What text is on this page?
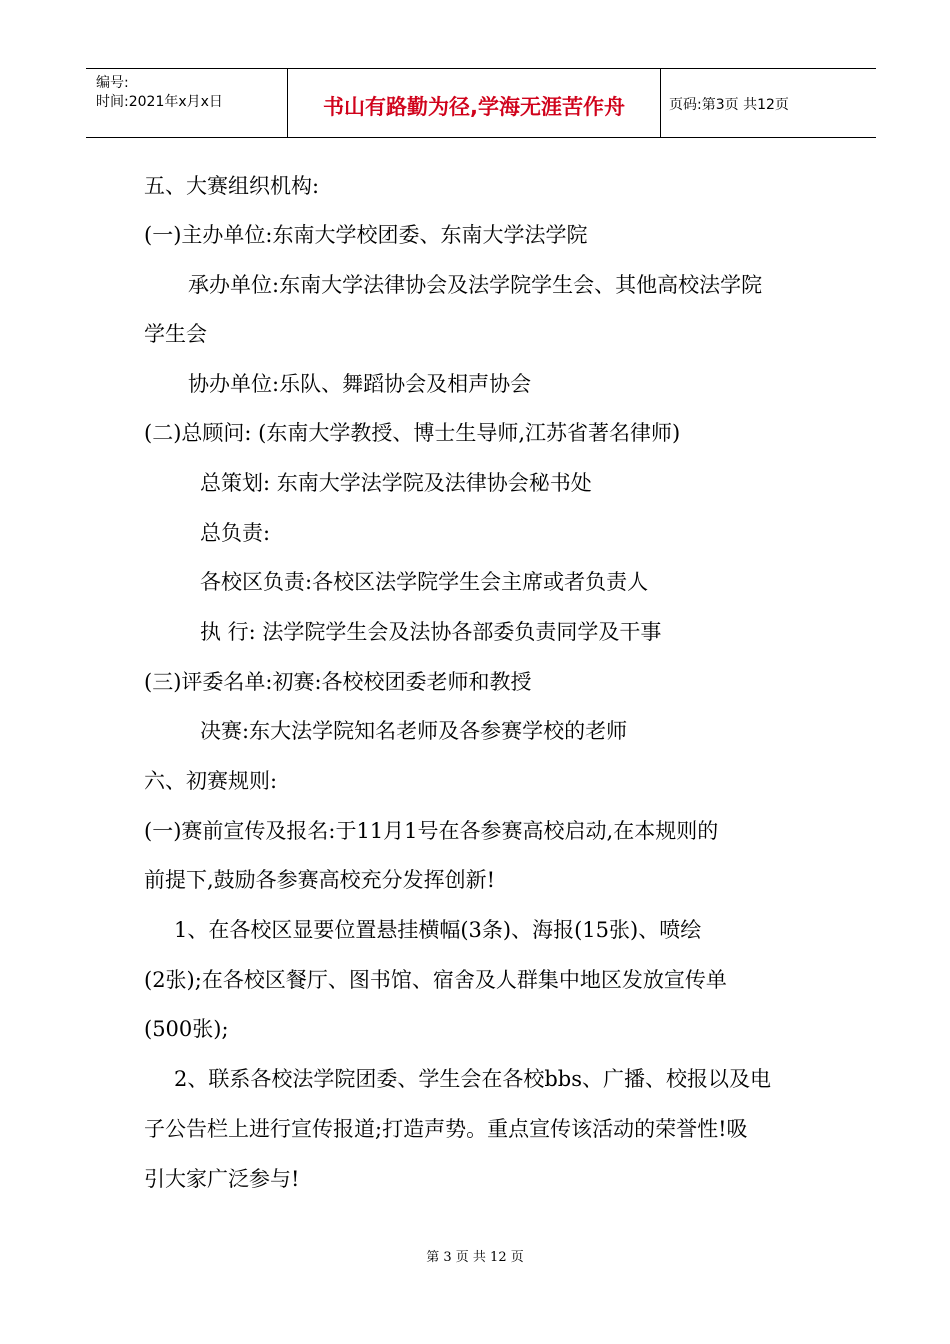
编号:
时间:2021年x月x日	书山有路勤为径,学海无涯苦作舟	页码:第3页 共12页
五、大赛组织机构:
(一)主办单位:东南大学校团委、东南大学法学院
承办单位:东南大学法律协会及法学院学生会、其他高校法学院
学生会
协办单位:乐队、舞蹈协会及相声协会
(二)总顾问: (东南大学教授、博士生导师,江苏省著名律师)
总策划: 东南大学法学院及法律协会秘书处
总负责:
各校区负责:各校区法学院学生会主席或者负责人
执 行: 法学院学生会及法协各部委负责同学及干事
(三)评委名单:初赛:各校校团委老师和教授
决赛:东大法学院知名老师及各参赛学校的老师
六、初赛规则:
(一)赛前宣传及报名:于11月1号在各参赛高校启动,在本规则的
前提下,鼓励各参赛高校充分发挥创新!
1、在各校区显要位置悬挂横幅(3条)、海报(15张)、喷绘
(2张);在各校区餐厅、图书馆、宿舍及人群集中地区发放宣传单
(500张);
2、联系各校法学院团委、学生会在各校bbs、广播、校报以及电
子公告栏上进行宣传报道;打造声势。重点宣传该活动的荣誉性!吸
引大家广泛参与!
第 3 页 共 12 页
